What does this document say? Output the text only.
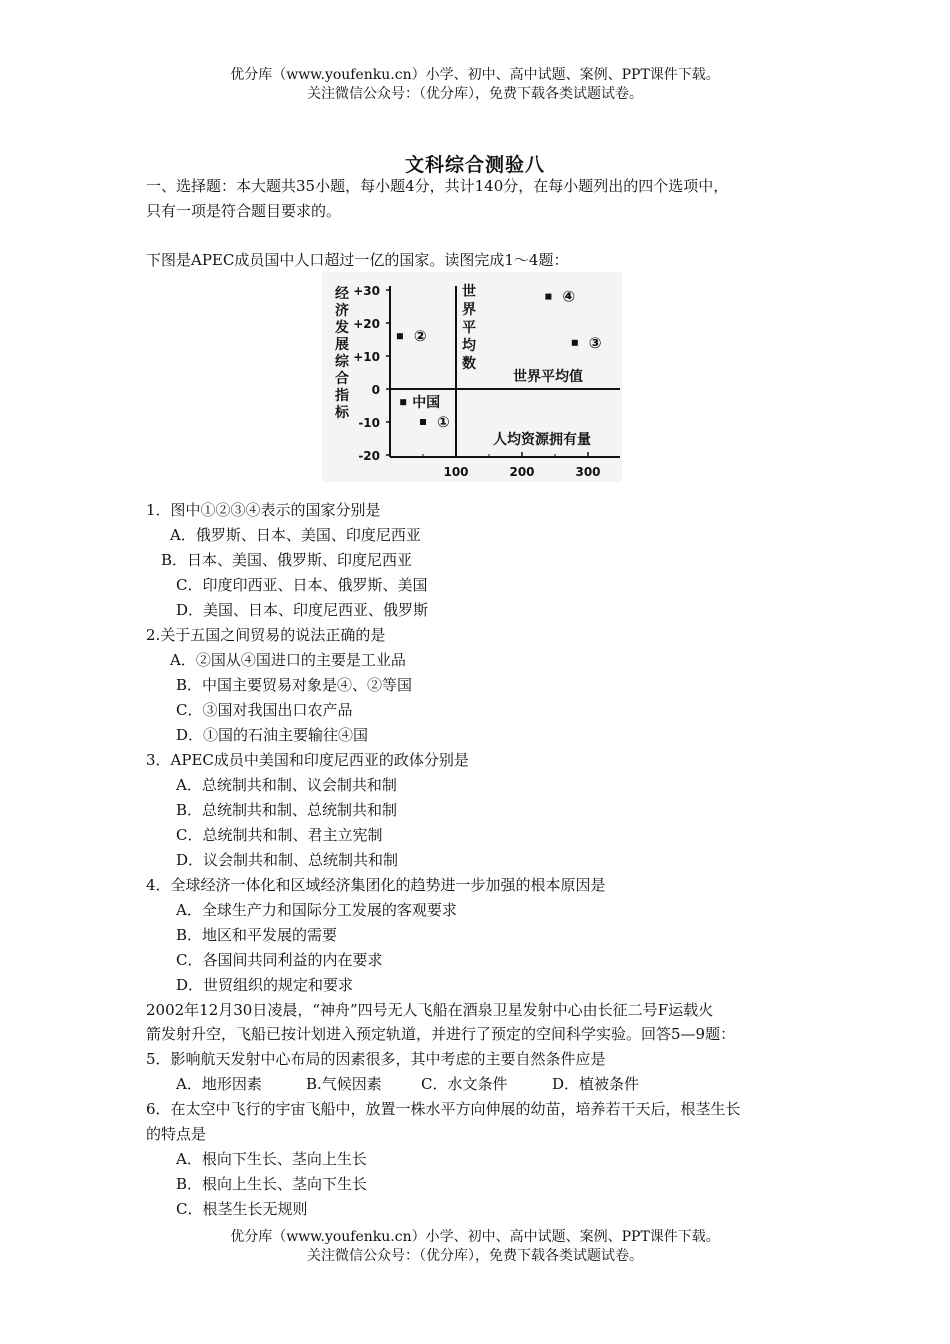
优分库（www.youfenku.cn）小学、初中、高中试题、案例、PPT课件下载。
关注微信公众号：（优分库），免费下载各类试题试卷。
文科综合测验八
一、选择题：本大题共35小题，每小题4分，共计140分，在每小题列出的四个选项中，
只有一项是符合题目要求的。
下图是APEC成员国中人口超过一亿的国家。读图完成1～4题：
经济发展综合指标
人均资源拥有量
世界平均数
世界平均值
+30
+20
+10
0
-10
-20
100	200	300
④
②	③
中国
①
1．图中①②③④表示的国家分别是
A．俄罗斯、日本、美国、印度尼西亚
B．日本、美国、俄罗斯、印度尼西亚
C．印度印西亚、日本、俄罗斯、美国
D．美国、日本、印度尼西亚、俄罗斯
2.关于五国之间贸易的说法正确的是
A．②国从④国进口的主要是工业品
B．中国主要贸易对象是④、②等国
C．③国对我国出口农产品
D．①国的石油主要输往④国
3．APEC成员中美国和印度尼西亚的政体分别是
A．总统制共和制、议会制共和制
B．总统制共和制、总统制共和制
C．总统制共和制、君主立宪制
D．议会制共和制、总统制共和制
4．全球经济一体化和区域经济集团化的趋势进一步加强的根本原因是
A．全球生产力和国际分工发展的客观要求
B．地区和平发展的需要
C．各国间共同利益的内在要求
D．世贸组织的规定和要求
2002年12月30日凌晨，“神舟”四号无人飞船在酒泉卫星发射中心由长征二号F运载火
箭发射升空，飞船已按计划进入预定轨道，并进行了预定的空间科学实验。回答5—9题：
5．影响航天发射中心布局的因素很多，其中考虑的主要自然条件应是
A．地形因素	B.气候因素	C．水文条件	D．植被条件
6．在太空中飞行的宇宙飞船中，放置一株水平方向伸展的幼苗，培养若干天后，根茎生长
的特点是
A．根向下生长、茎向上生长
B．根向上生长、茎向下生长
C．根茎生长无规则
优分库（www.youfenku.cn）小学、初中、高中试题、案例、PPT课件下载。
关注微信公众号：（优分库），免费下载各类试题试卷。
